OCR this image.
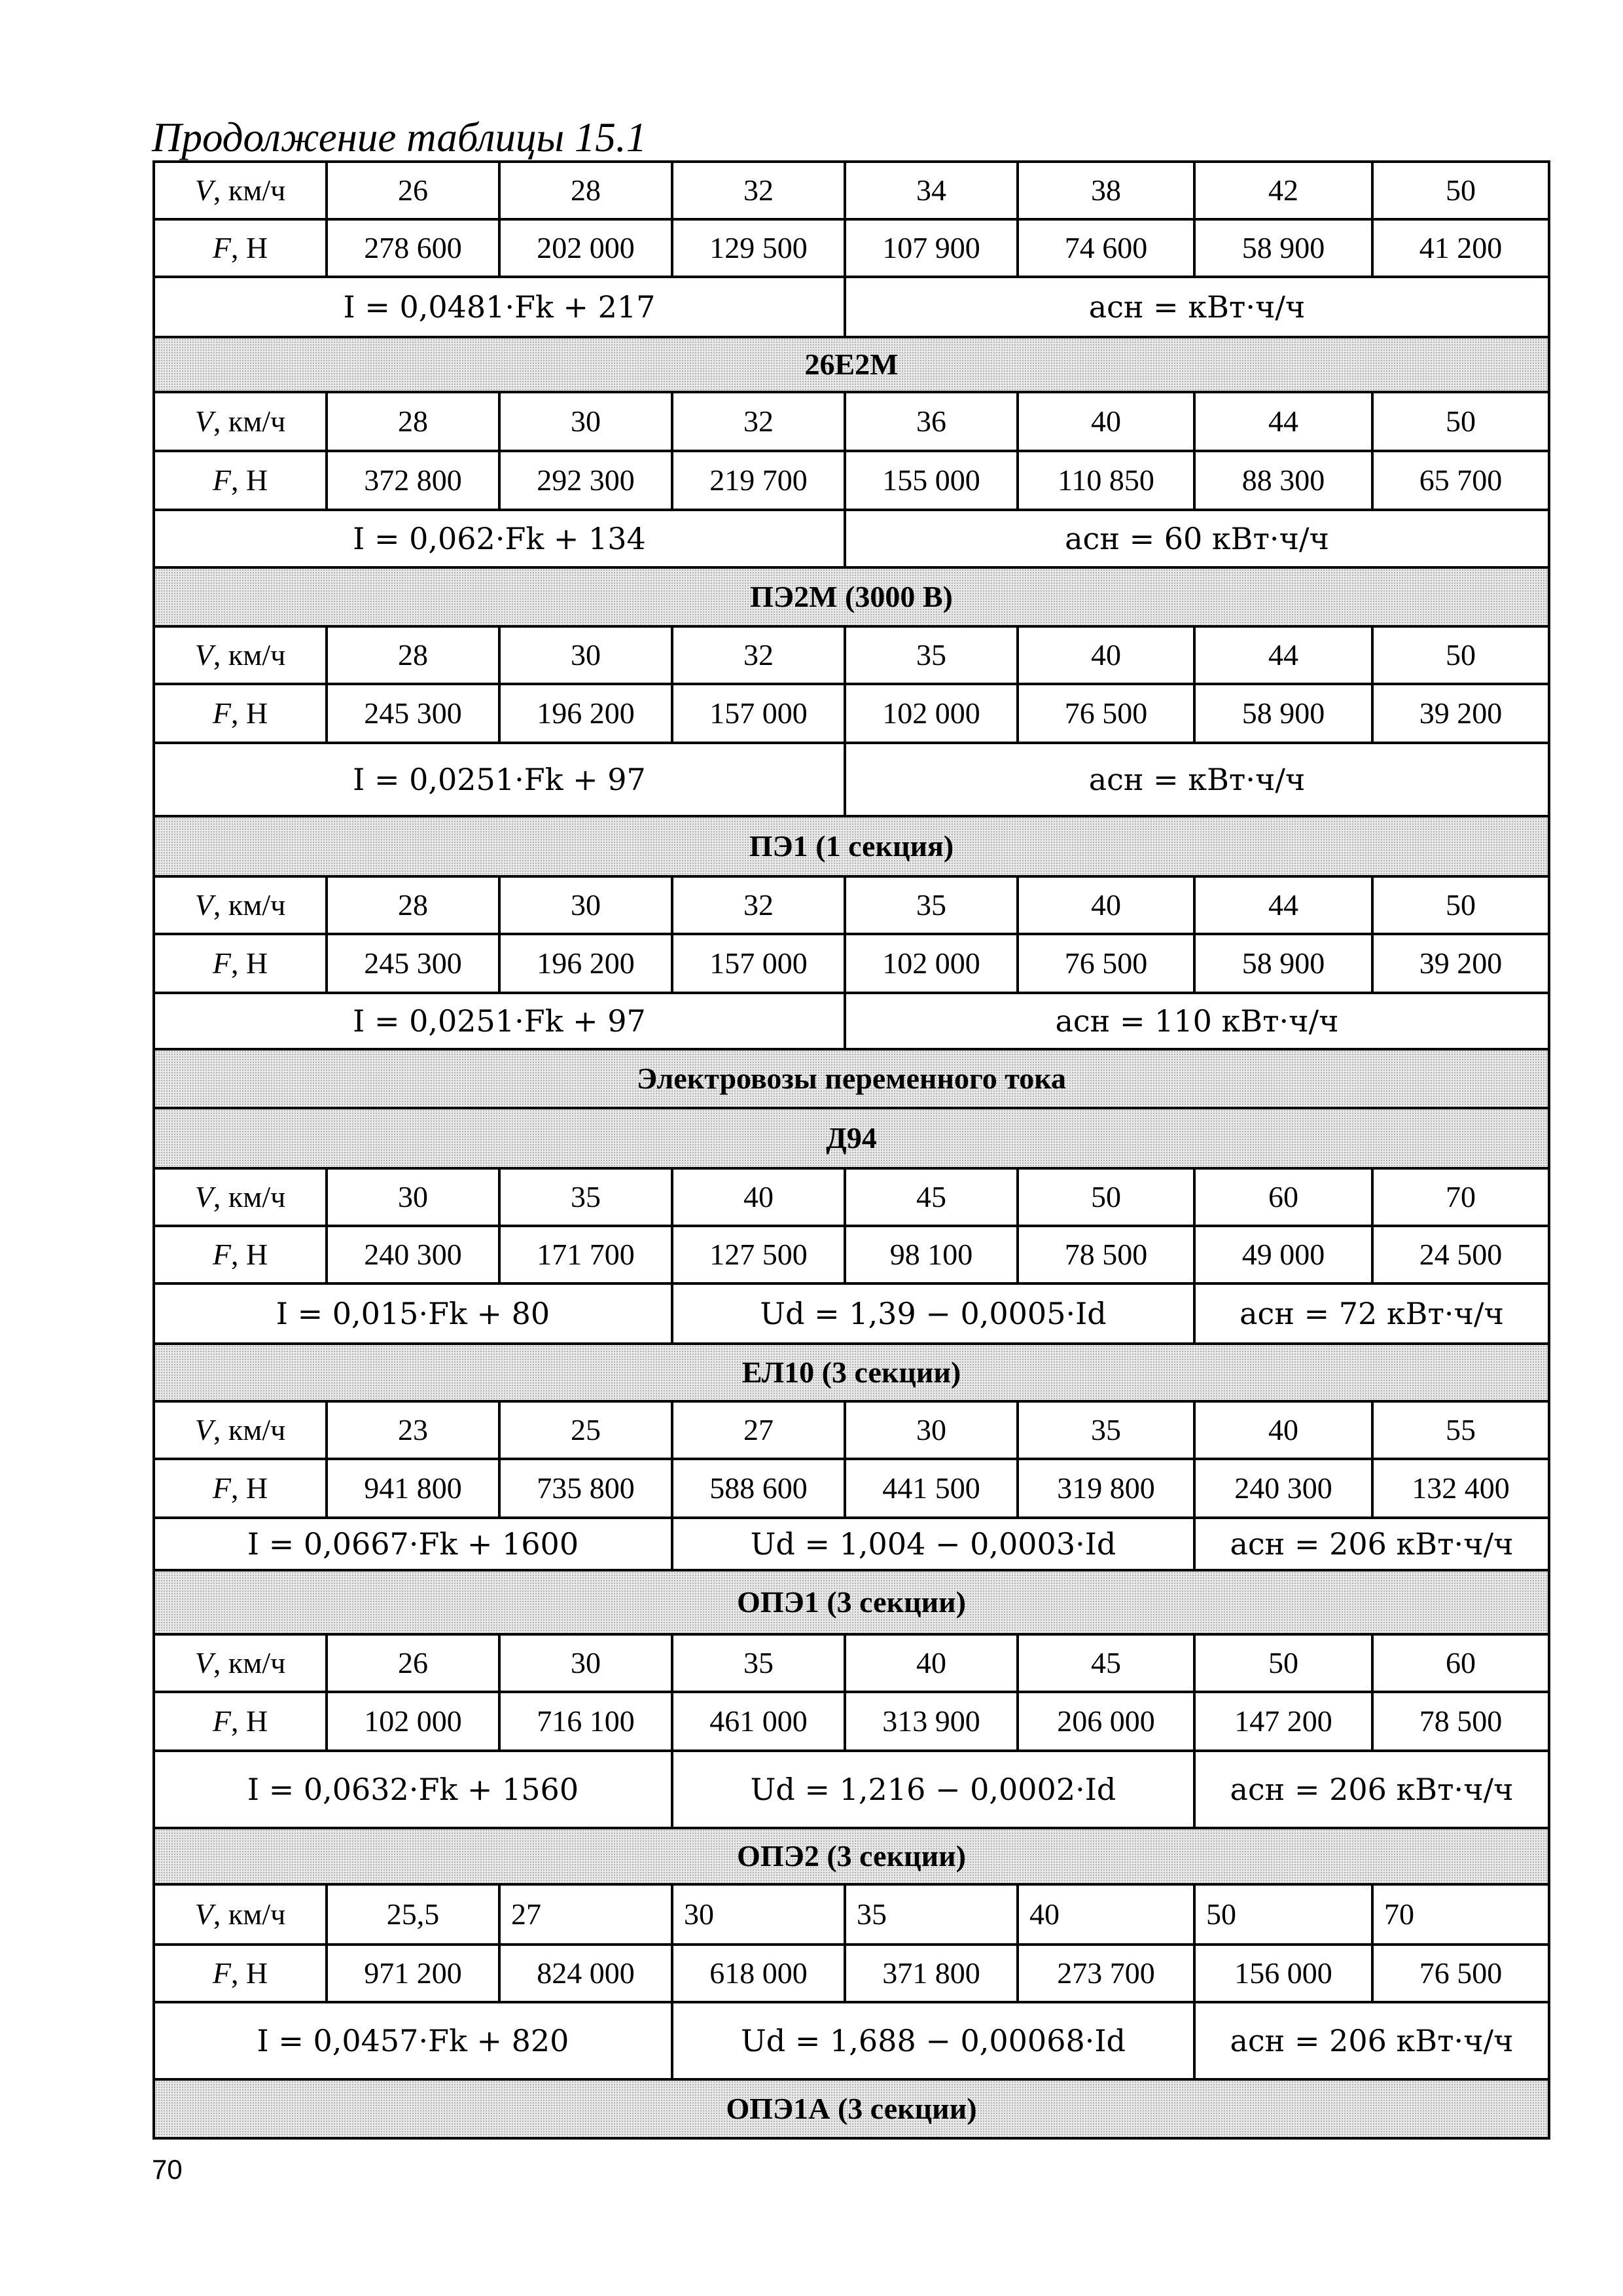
Продолжение таблицы 15.1
V, км/ч	26	28	32	34	38	42	50
F, Н	278 600	202 000	129 500	107 900	74 600	58 900	41 200
I = 0,0481·Fk + 217				aсн = кВт·ч/ч			
26Е2М							
V, км/ч	28	30	32	36	40	44	50
F, Н	372 800	292 300	219 700	155 000	110 850	88 300	65 700
I = 0,062·Fk + 134				aсн = 60 кВт·ч/ч			
ПЭ2М (3000 В)							
V, км/ч	28	30	32	35	40	44	50
F, Н	245 300	196 200	157 000	102 000	76 500	58 900	39 200
I = 0,0251·Fk + 97				aсн = кВт·ч/ч			
ПЭ1 (1 секция)							
V, км/ч	28	30	32	35	40	44	50
F, Н	245 300	196 200	157 000	102 000	76 500	58 900	39 200
I = 0,0251·Fk + 97				aсн = 110 кВт·ч/ч			
Электровозы переменного тока							
Д94							
V, км/ч	30	35	40	45	50	60	70
F, Н	240 300	171 700	127 500	98 100	78 500	49 000	24 500
I = 0,015·Fk + 80			Ud = 1,39 − 0,0005·Id			aсн = 72 кВт·ч/ч	
ЕЛ10 (3 секции)							
V, км/ч	23	25	27	30	35	40	55
F, Н	941 800	735 800	588 600	441 500	319 800	240 300	132 400
I = 0,0667·Fk + 1600			Ud = 1,004 − 0,0003·Id			aсн = 206 кВт·ч/ч	
ОПЭ1 (3 секции)							
V, км/ч	26	30	35	40	45	50	60
F, Н	102 000	716 100	461 000	313 900	206 000	147 200	78 500
I = 0,0632·Fk + 1560			Ud = 1,216 − 0,0002·Id			aсн = 206 кВт·ч/ч	
ОПЭ2 (3 секции)							
V, км/ч	25,5	27	30	35	40	50	70
F, Н	971 200	824 000	618 000	371 800	273 700	156 000	76 500
I = 0,0457·Fk + 820			Ud = 1,688 − 0,00068·Id			aсн = 206 кВт·ч/ч	
ОПЭ1А (3 секции)							
70
